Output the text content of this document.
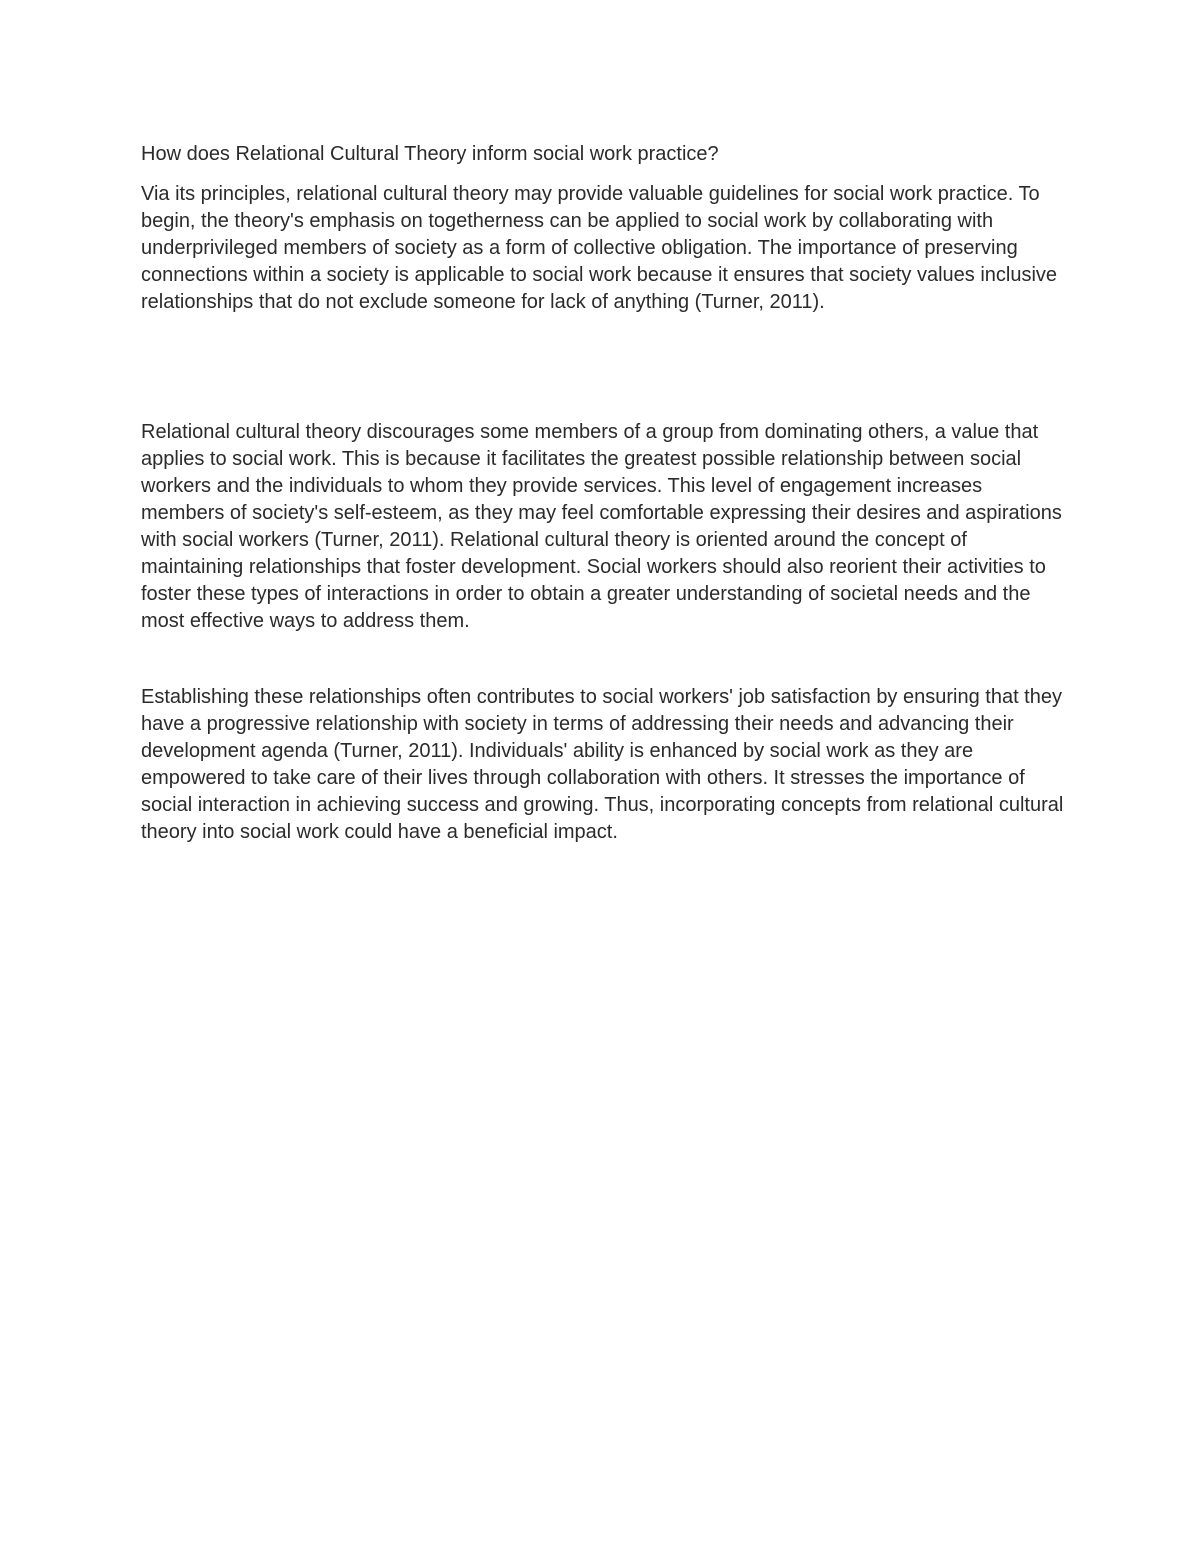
How does Relational Cultural Theory inform social work practice?

Via its principles, relational cultural theory may provide valuable guidelines for social work practice. To begin, the theory's emphasis on togetherness can be applied to social work by collaborating with underprivileged members of society as a form of collective obligation. The importance of preserving connections within a society is applicable to social work because it ensures that society values inclusive relationships that do not exclude someone for lack of anything (Turner, 2011).

Relational cultural theory discourages some members of a group from dominating others, a value that applies to social work. This is because it facilitates the greatest possible relationship between social workers and the individuals to whom they provide services. This level of engagement increases members of society's self-esteem, as they may feel comfortable expressing their desires and aspirations with social workers (Turner, 2011). Relational cultural theory is oriented around the concept of maintaining relationships that foster development. Social workers should also reorient their activities to foster these types of interactions in order to obtain a greater understanding of societal needs and the most effective ways to address them.

Establishing these relationships often contributes to social workers' job satisfaction by ensuring that they have a progressive relationship with society in terms of addressing their needs and advancing their development agenda (Turner, 2011). Individuals' ability is enhanced by social work as they are empowered to take care of their lives through collaboration with others. It stresses the importance of social interaction in achieving success and growing. Thus, incorporating concepts from relational cultural theory into social work could have a beneficial impact.
